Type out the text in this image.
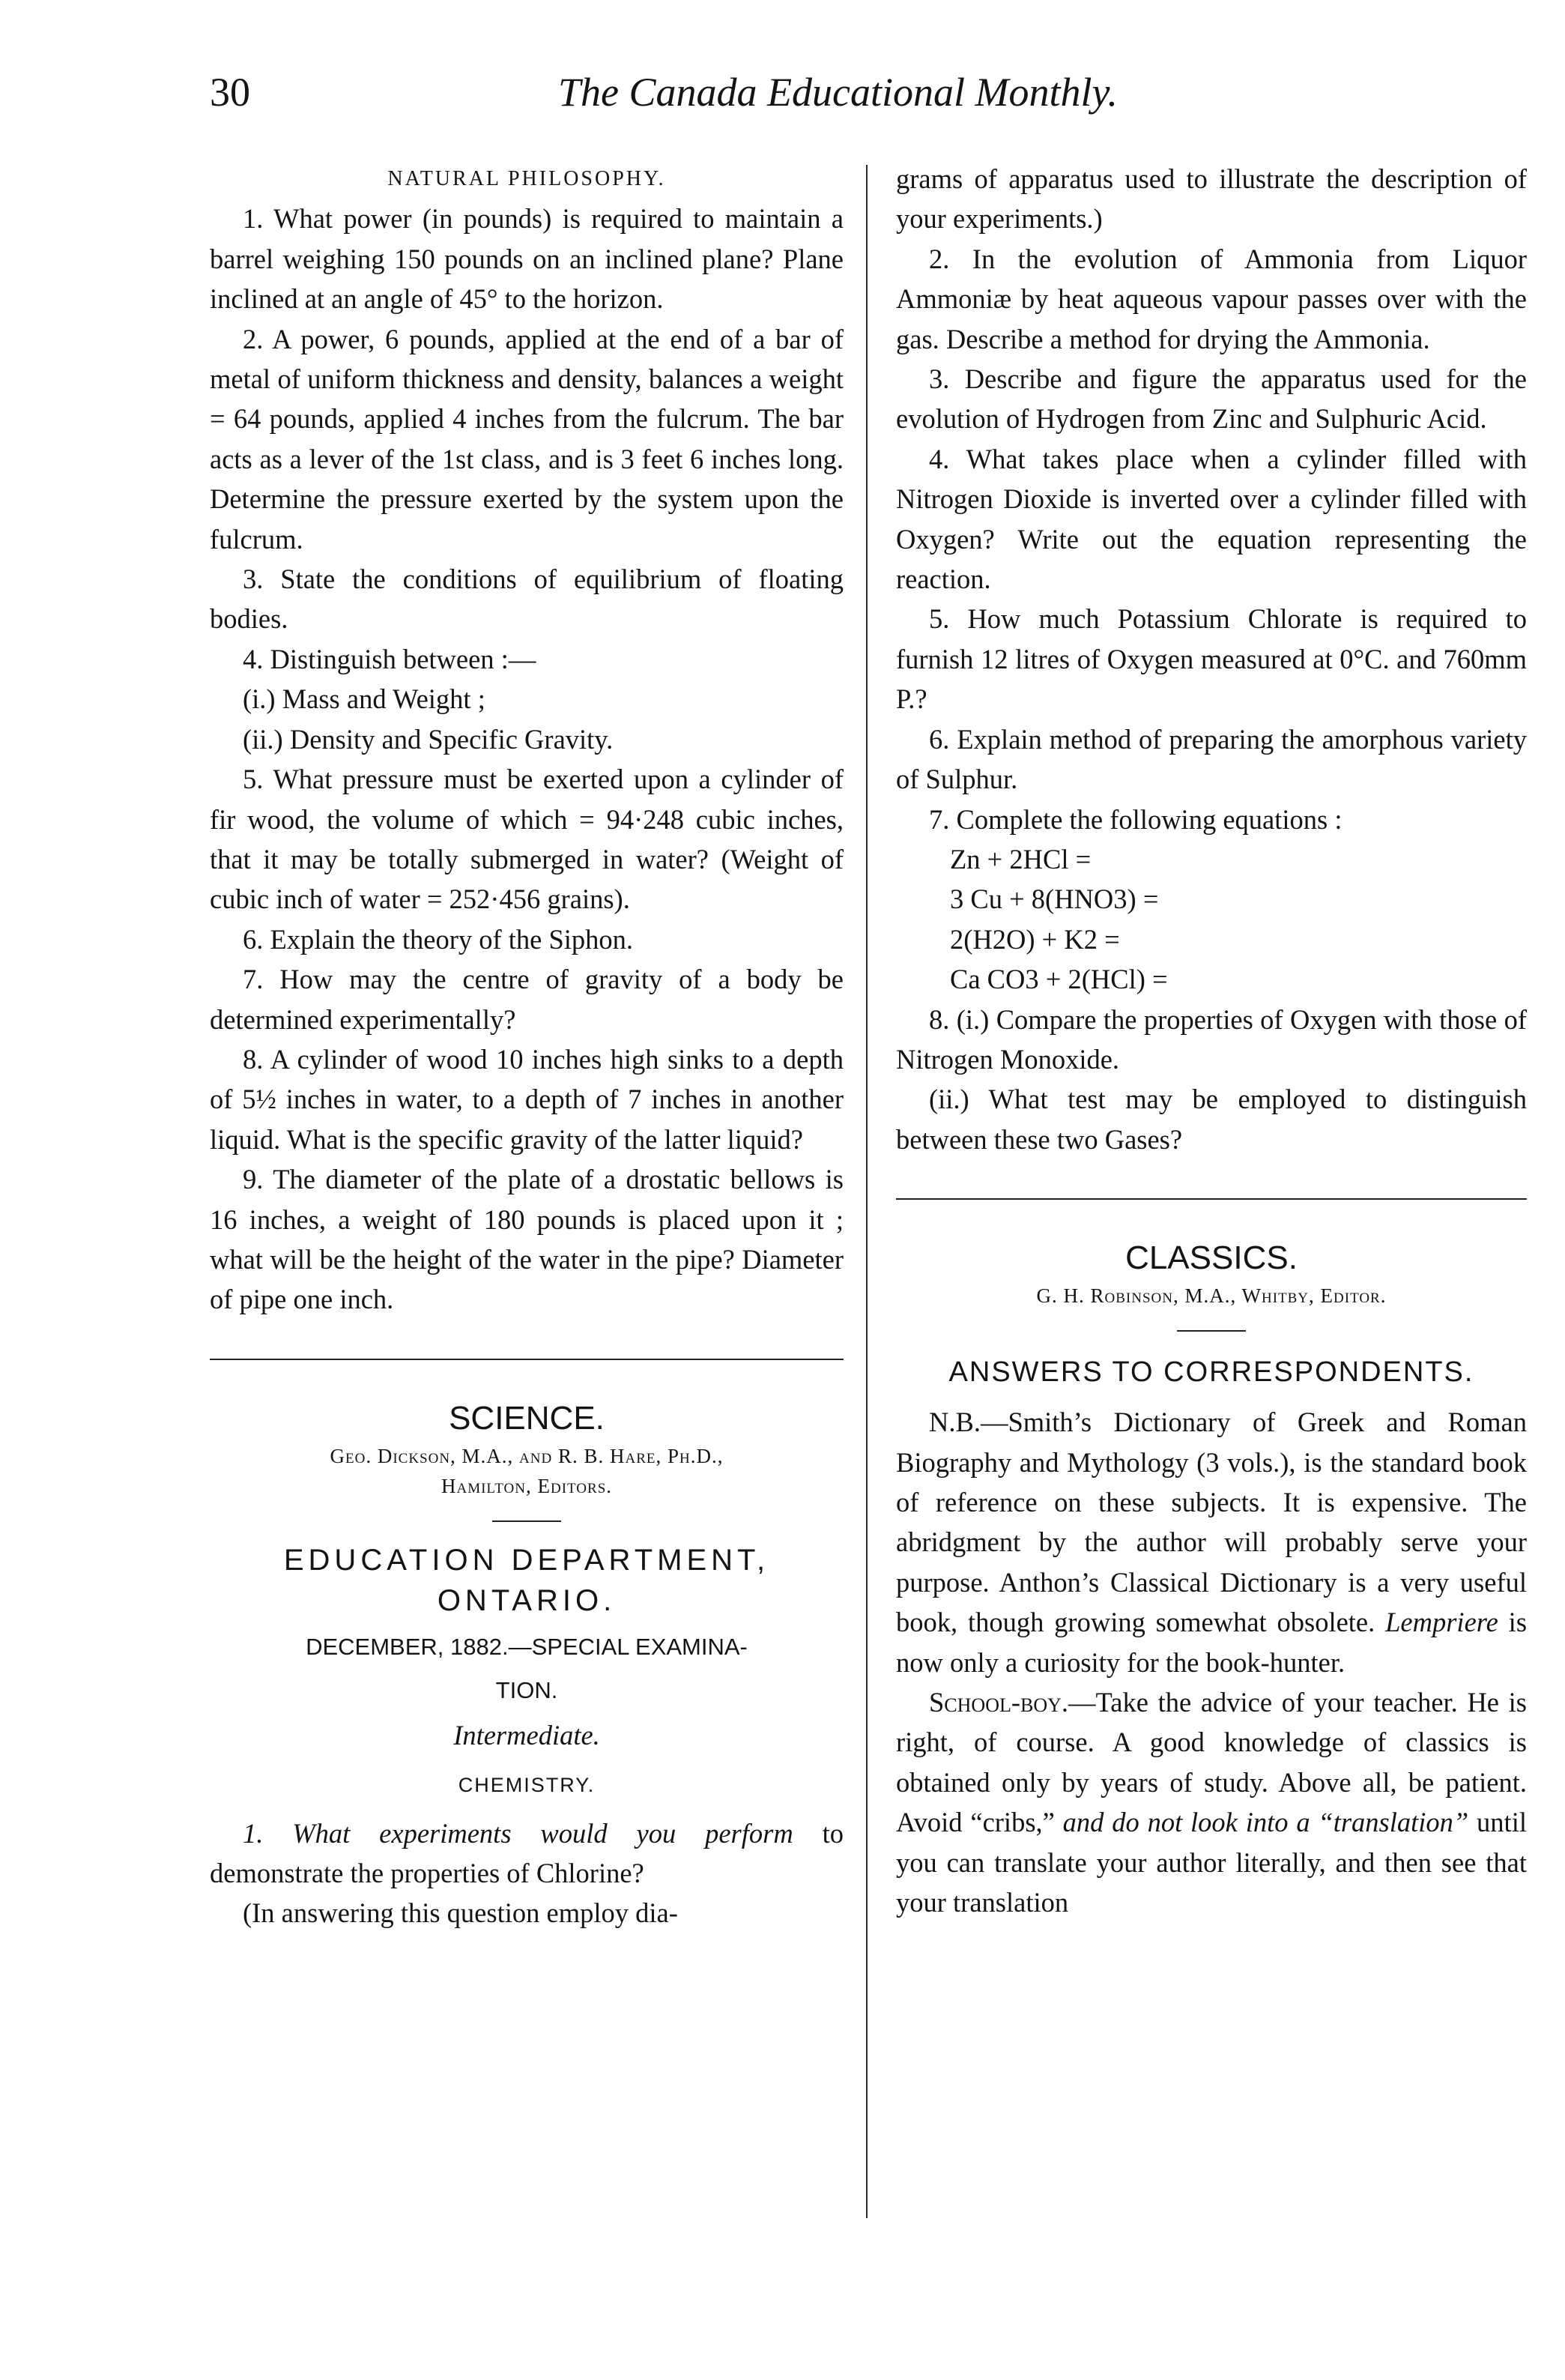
30	The Canada Educational Monthly.

NATURAL PHILOSOPHY.

1. What power (in pounds) is required to maintain a barrel weighing 150 pounds on an inclined plane? Plane inclined at an angle of 45° to the horizon.

2. A power, 6 pounds, applied at the end of a bar of metal of uniform thickness and density, balances a weight = 64 pounds, applied 4 inches from the fulcrum. The bar acts as a lever of the 1st class, and is 3 feet 6 inches long. Determine the pressure exerted by the system upon the fulcrum.

3. State the conditions of equilibrium of floating bodies.

4. Distinguish between :—

(i.) Mass and Weight ;

(ii.) Density and Specific Gravity.

5. What pressure must be exerted upon a cylinder of fir wood, the volume of which = 94·248 cubic inches, that it may be totally submerged in water? (Weight of cubic inch of water = 252·456 grains).

6. Explain the theory of the Siphon.

7. How may the centre of gravity of a body be determined experimentally?

8. A cylinder of wood 10 inches high sinks to a depth of 5½ inches in water, to a depth of 7 inches in another liquid. What is the specific gravity of the latter liquid?

9. The diameter of the plate of a drostatic bellows is 16 inches, a weight of 180 pounds is placed upon it ; what will be the height of the water in the pipe? Diameter of pipe one inch.

SCIENCE.

Geo. Dickson, M.A., and R. B. Hare, Ph.D.,

Hamilton, Editors.

EDUCATION DEPARTMENT,

ONTARIO.

DECEMBER, 1882.—SPECIAL EXAMINA-

TION.

Intermediate.

CHEMISTRY.

1. What experiments would you perform to demonstrate the properties of Chlorine?

(In answering this question employ dia-

grams of apparatus used to illustrate the description of your experiments.)

2. In the evolution of Ammonia from Liquor Ammoniæ by heat aqueous vapour passes over with the gas. Describe a method for drying the Ammonia.

3. Describe and figure the apparatus used for the evolution of Hydrogen from Zinc and Sulphuric Acid.

4. What takes place when a cylinder filled with Nitrogen Dioxide is inverted over a cylinder filled with Oxygen? Write out the equation representing the reaction.

5. How much Potassium Chlorate is required to furnish 12 litres of Oxygen measured at 0°C. and 760mm P.?

6. Explain method of preparing the amorphous variety of Sulphur.

7. Complete the following equations :

Zn + 2HCl =

3 Cu + 8(HNO3) =

2(H2O) + K2 =

Ca CO3 + 2(HCl) =

8. (i.) Compare the properties of Oxygen with those of Nitrogen Monoxide.

(ii.) What test may be employed to distinguish between these two Gases?

CLASSICS.

G. H. Robinson, M.A., Whitby, Editor.

ANSWERS TO CORRESPONDENTS.

N.B.—Smith’s Dictionary of Greek and Roman Biography and Mythology (3 vols.), is the standard book of reference on these subjects. It is expensive. The abridgment by the author will probably serve your purpose. Anthon’s Classical Dictionary is a very useful book, though growing somewhat obsolete. Lempriere is now only a curiosity for the book-hunter.

School-boy.—Take the advice of your teacher. He is right, of course. A good knowledge of classics is obtained only by years of study. Above all, be patient. Avoid “cribs,” and do not look into a “translation” until you can translate your author literally, and then see that your translation
